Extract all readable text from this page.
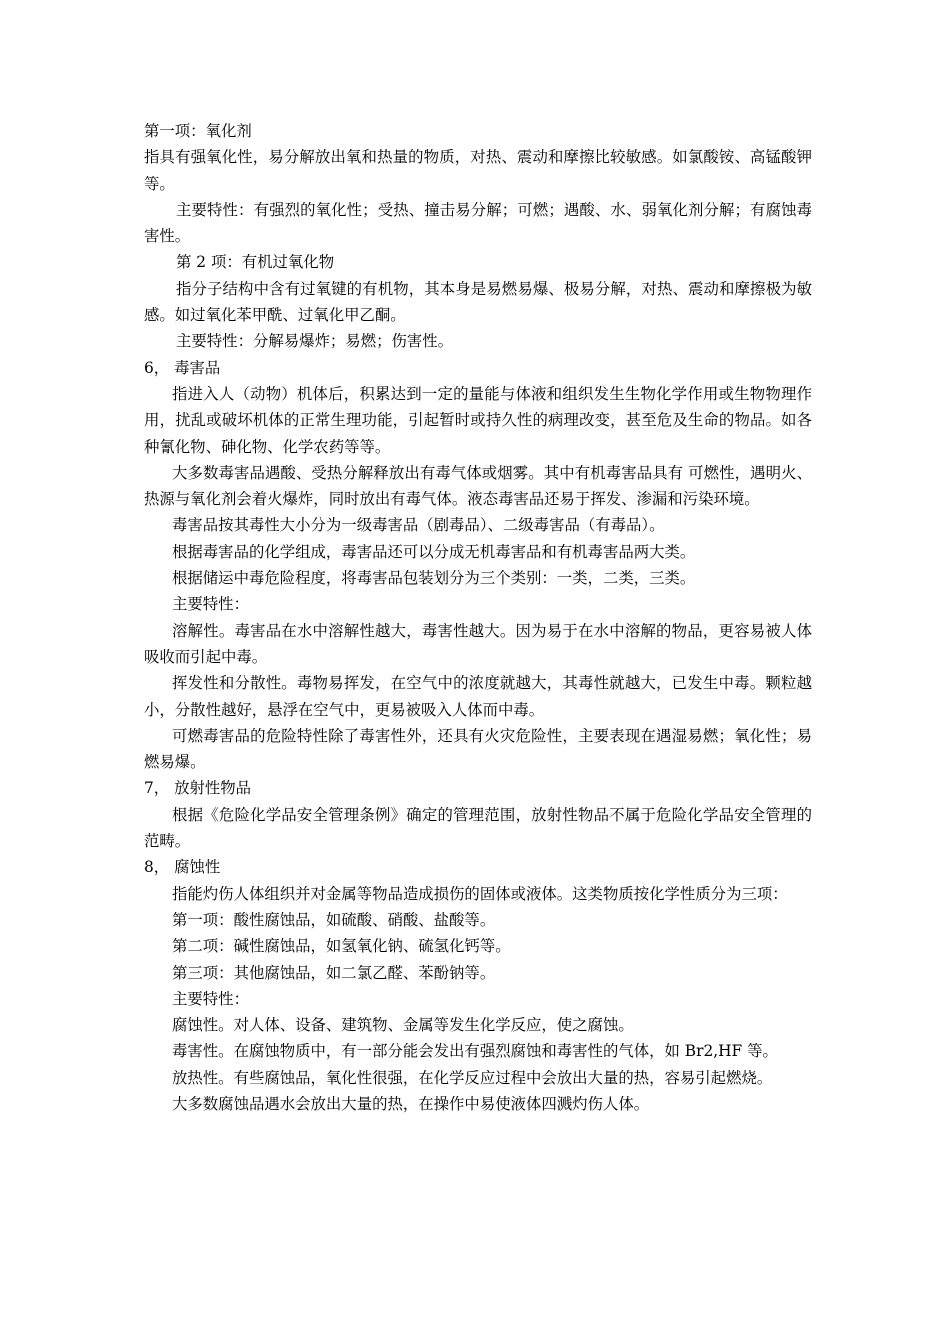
第一项：氧化剂

指具有强氧化性，易分解放出氧和热量的物质，对热、震动和摩擦比较敏感。如氯酸铵、高锰酸钾等。

主要特性：有强烈的氧化性；受热、撞击易分解；可燃；遇酸、水、弱氧化剂分解；有腐蚀毒害性。

第 2 项：有机过氧化物

指分子结构中含有过氧键的有机物，其本身是易燃易爆、极易分解，对热、震动和摩擦极为敏感。如过氧化苯甲酰、过氧化甲乙酮。

主要特性：分解易爆炸；易燃；伤害性。

6， 毒害品

指进入人（动物）机体后，积累达到一定的量能与体液和组织发生生物化学作用或生物物理作用，扰乱或破坏机体的正常生理功能，引起暂时或持久性的病理改变，甚至危及生命的物品。如各种氰化物、砷化物、化学农药等等。

大多数毒害品遇酸、受热分解释放出有毒气体或烟雾。其中有机毒害品具有 可燃性，遇明火、热源与氧化剂会着火爆炸，同时放出有毒气体。液态毒害品还易于挥发、渗漏和污染环境。

毒害品按其毒性大小分为一级毒害品（剧毒品）、二级毒害品（有毒品）。

根据毒害品的化学组成，毒害品还可以分成无机毒害品和有机毒害品两大类。

根据储运中毒危险程度，将毒害品包装划分为三个类别：一类，二类，三类。

主要特性：

溶解性。毒害品在水中溶解性越大，毒害性越大。因为易于在水中溶解的物品，更容易被人体吸收而引起中毒。

挥发性和分散性。毒物易挥发，在空气中的浓度就越大，其毒性就越大，已发生中毒。颗粒越小，分散性越好，悬浮在空气中，更易被吸入人体而中毒。

可燃毒害品的危险特性除了毒害性外，还具有火灾危险性，主要表现在遇湿易燃；氧化性；易燃易爆。

7， 放射性物品

根据《危险化学品安全管理条例》确定的管理范围，放射性物品不属于危险化学品安全管理的范畴。

8， 腐蚀性

指能灼伤人体组织并对金属等物品造成损伤的固体或液体。这类物质按化学性质分为三项：

第一项：酸性腐蚀品，如硫酸、硝酸、盐酸等。

第二项：碱性腐蚀品，如氢氧化钠、硫氢化钙等。

第三项：其他腐蚀品，如二氯乙醛、苯酚钠等。

主要特性：

腐蚀性。对人体、设备、建筑物、金属等发生化学反应，使之腐蚀。

毒害性。在腐蚀物质中，有一部分能会发出有强烈腐蚀和毒害性的气体，如 Br2,HF 等。

放热性。有些腐蚀品，氧化性很强，在化学反应过程中会放出大量的热，容易引起燃烧。

大多数腐蚀品遇水会放出大量的热，在操作中易使液体四溅灼伤人体。
